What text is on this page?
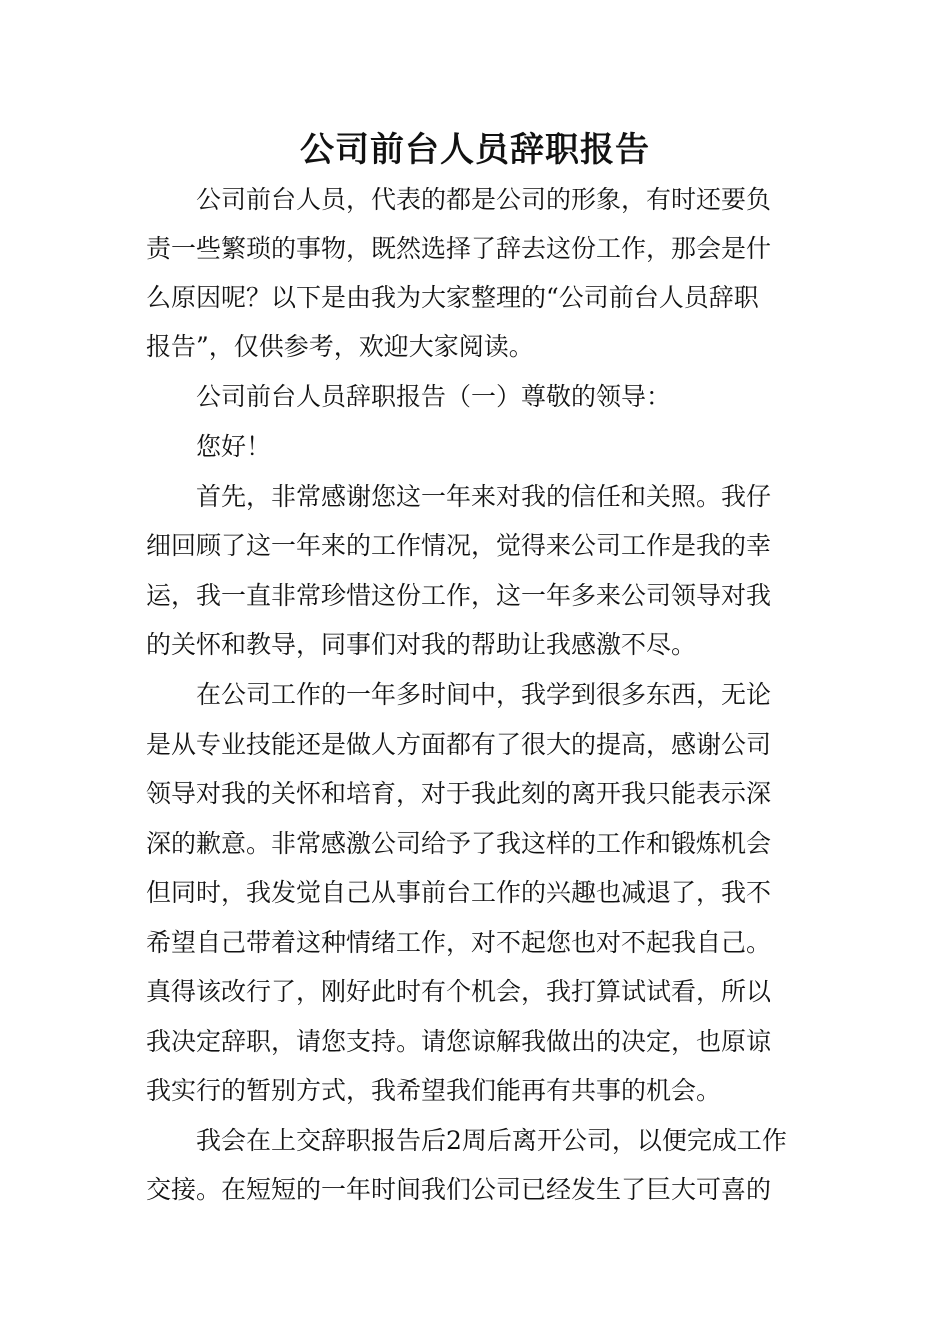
公司前台人员辞职报告

公司前台人员，代表的都是公司的形象，有时还要负

责一些繁琐的事物，既然选择了辞去这份工作，那会是什

么原因呢？以下是由我为大家整理的“公司前台人员辞职

报告”，仅供参考，欢迎大家阅读。

公司前台人员辞职报告（一）尊敬的领导：

您好！

首先，非常感谢您这一年来对我的信任和关照。我仔

细回顾了这一年来的工作情况，觉得来公司工作是我的幸

运，我一直非常珍惜这份工作，这一年多来公司领导对我

的关怀和教导，同事们对我的帮助让我感激不尽。

在公司工作的一年多时间中，我学到很多东西，无论

是从专业技能还是做人方面都有了很大的提高，感谢公司

领导对我的关怀和培育，对于我此刻的离开我只能表示深

深的歉意。非常感激公司给予了我这样的工作和锻炼机会

但同时，我发觉自己从事前台工作的兴趣也减退了，我不

希望自己带着这种情绪工作，对不起您也对不起我自己。

真得该改行了，刚好此时有个机会，我打算试试看，所以

我决定辞职，请您支持。请您谅解我做出的决定，也原谅

我实行的暂别方式，我希望我们能再有共事的机会。

我会在上交辞职报告后2周后离开公司，以便完成工作

交接。在短短的一年时间我们公司已经发生了巨大可喜的
